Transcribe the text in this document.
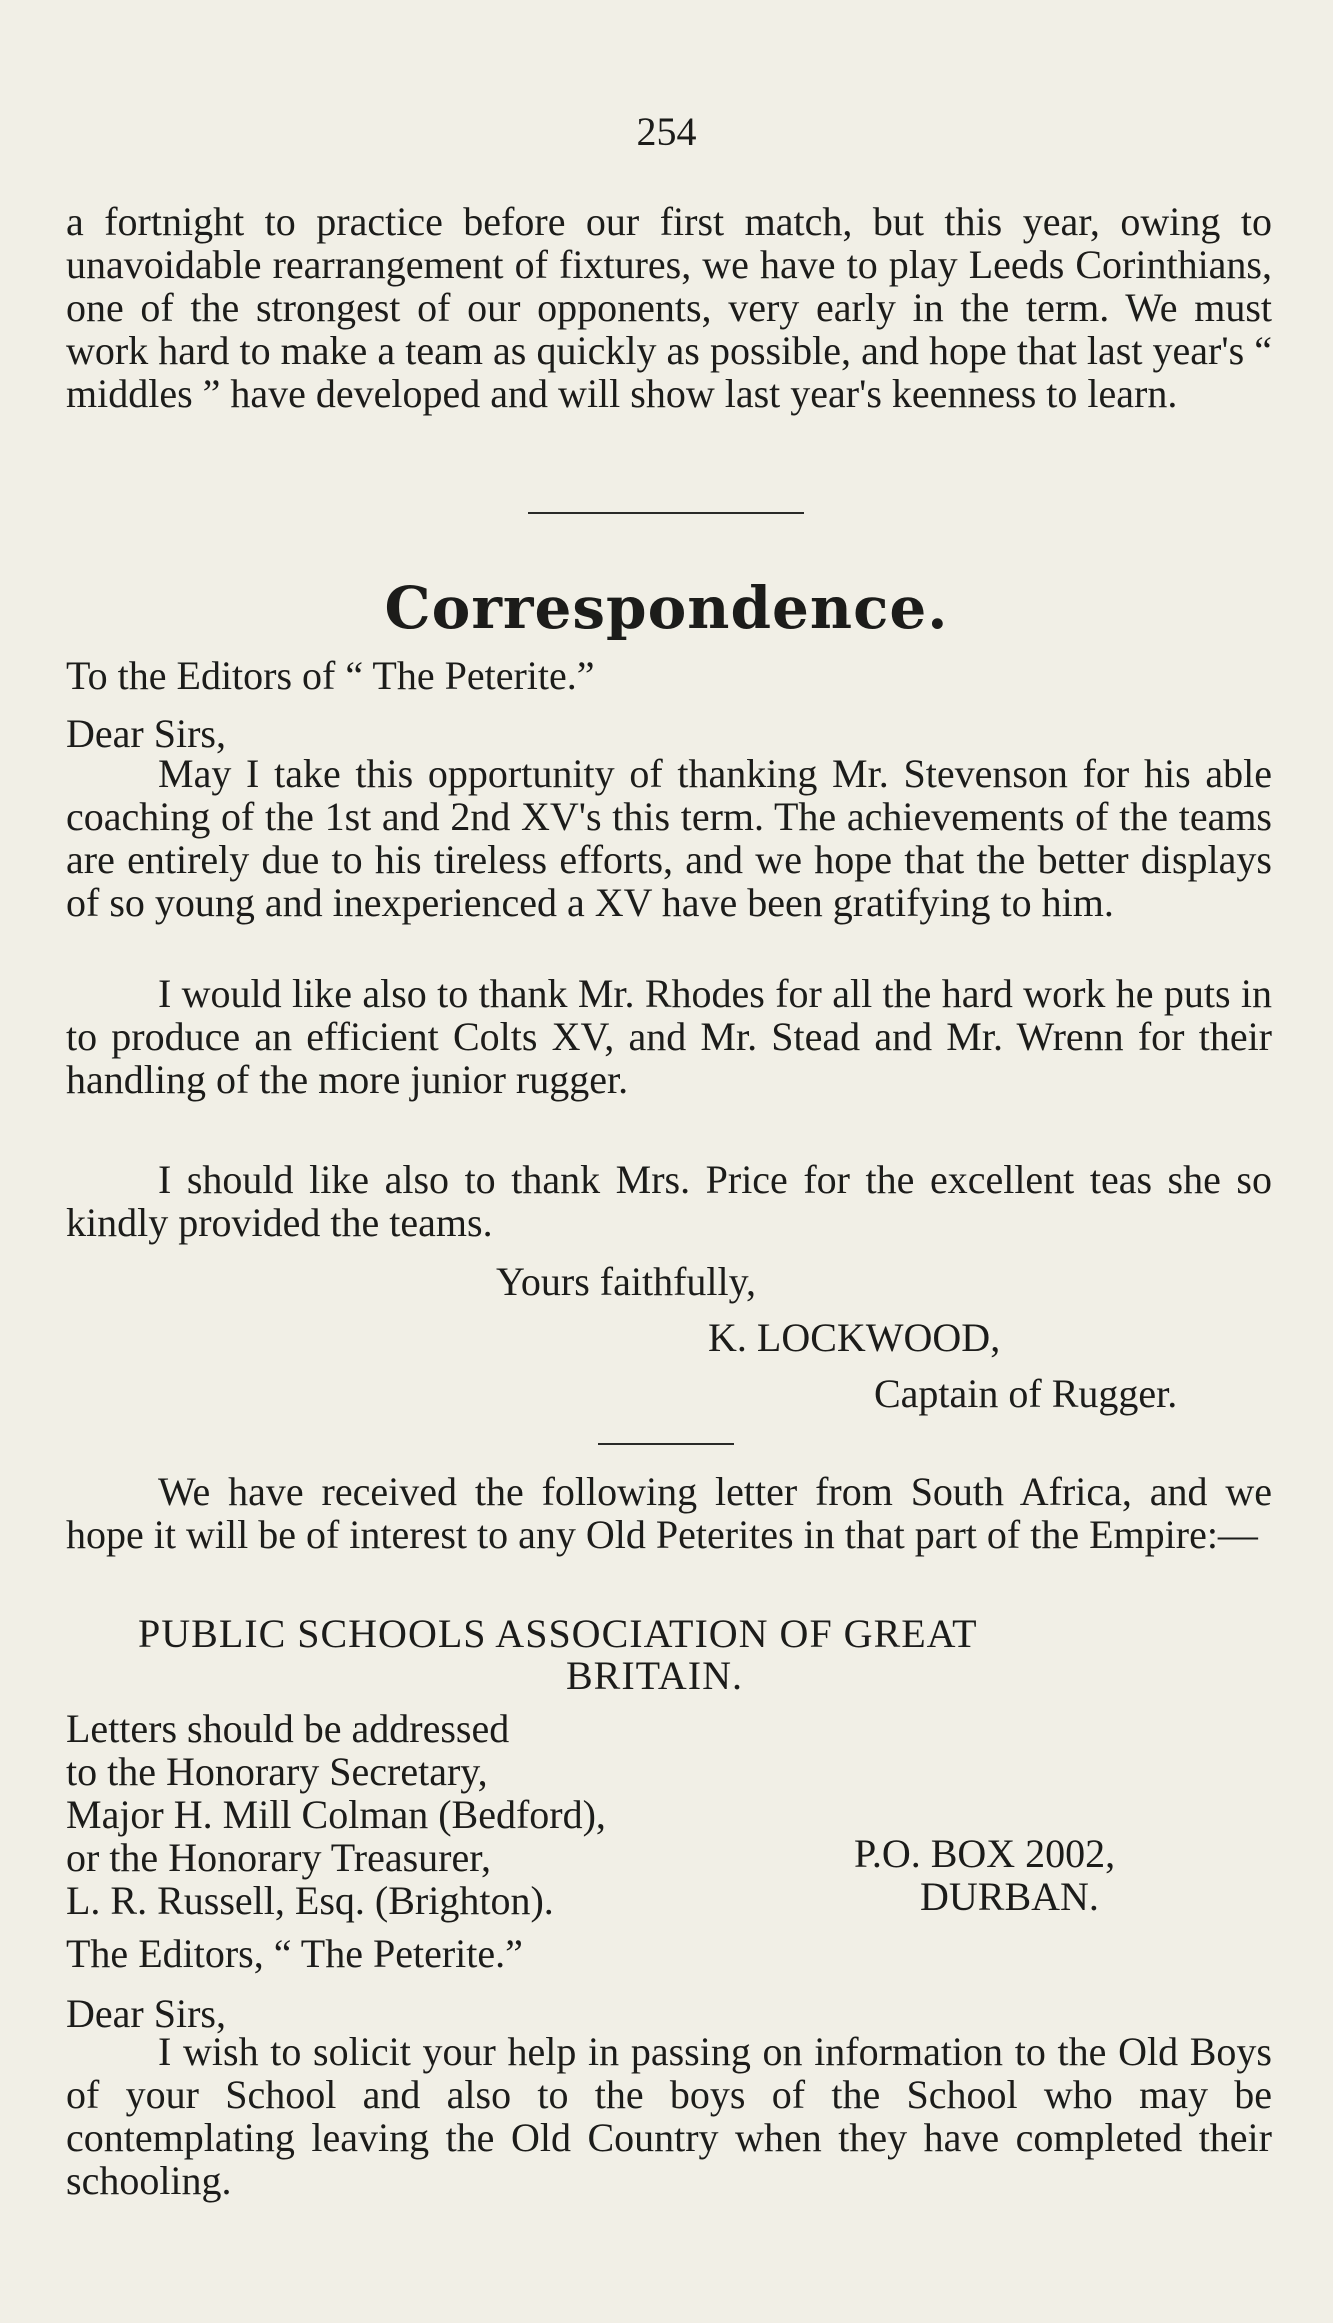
254
a fortnight to practice before our first match, but this year, owing to unavoidable rearrangement of fixtures, we have to play Leeds Corinthians, one of the strongest of our opponents, very early in the term. We must work hard to make a team as quickly as possible, and hope that last year's “ middles ” have developed and will show last year's keenness to learn.
Correspondence.
To the Editors of “ The Peterite.”
Dear Sirs,
May I take this opportunity of thanking Mr. Stevenson for his able coaching of the 1st and 2nd XV's this term. The achievements of the teams are entirely due to his tireless efforts, and we hope that the better displays of so young and inexperienced a XV have been gratifying to him.
I would like also to thank Mr. Rhodes for all the hard work he puts in to produce an efficient Colts XV, and Mr. Stead and Mr. Wrenn for their handling of the more junior rugger.
I should like also to thank Mrs. Price for the excellent teas she so kindly provided the teams.
Yours faithfully,
K. LOCKWOOD,
Captain of Rugger.
We have received the following letter from South Africa, and we hope it will be of interest to any Old Peterites in that part of the Empire:—
PUBLIC SCHOOLS ASSOCIATION OF GREAT
BRITAIN.
Letters should be addressed
to the Honorary Secretary,
Major H. Mill Colman (Bedford),
or the Honorary Treasurer,
L. R. Russell, Esq. (Brighton).
P.O. BOX 2002,
DURBAN.
The Editors, “ The Peterite.”
Dear Sirs,
I wish to solicit your help in passing on information to the Old Boys of your School and also to the boys of the School who may be contemplating leaving the Old Country when they have completed their schooling.
